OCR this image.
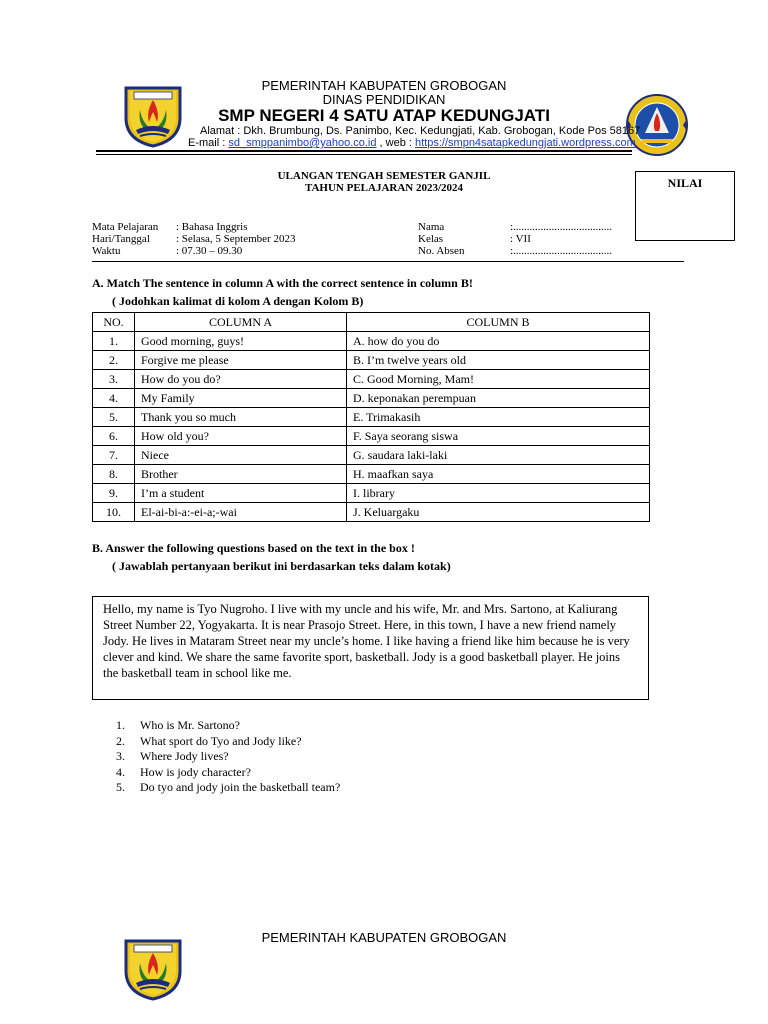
PEMERINTAH KABUPATEN GROBOGAN
DINAS PENDIDIKAN
SMP NEGERI 4 SATU ATAP KEDUNGJATI
Alamat : Dkh. Brumbung, Ds. Panimbo, Kec. Kedungjati, Kab. Grobogan, Kode Pos 58167
E-mail : sd_smppanimbo@yahoo.co.id , web : https://smpn4satapkedungjati.wordpress.com
ULANGAN TENGAH SEMESTER GANJIL
TAHUN PELAJARAN 2023/2024	NILAI
Mata Pelajaran : Bahasa Inggris
Hari/Tanggal : Selasa, 5 September 2023
Waktu	: 07.30 – 09.30
Nama	:....................................
Kelas	: VII
No. Absen	:....................................
A. Match The sentence in column A with the correct sentence in column B!
( Jodohkan kalimat di kolom A dengan Kolom B)
NO.	COLUMN A	COLUMN B
1.	Good morning, guys!	A. how do you do
2.	Forgive me please	B. I’m twelve years old
3.	How do you do?	C. Good Morning, Mam!
4.	My Family	D. keponakan perempuan
5.	Thank you so much	E. Trimakasih
6.	How old you?	F. Saya seorang siswa
7.	Niece	G. saudara laki-laki
8.	Brother	H. maafkan saya
9.	I’m a student	I. library
10.	El-ai-bi-a:-ei-a;-wai	J. Keluargaku
B. Answer the following questions based on the text in the box !
( Jawablah pertanyaan berikut ini berdasarkan teks dalam kotak)
Hello, my name is Tyo Nugroho. I live with my uncle and his wife, Mr. and Mrs. Sartono, at Kaliurang Street Number 22, Yogyakarta. It is near Prasojo Street. Here, in this town, I have a new friend namely Jody. He lives in Mataram Street near my uncle’s home. I like having a friend like him because he is very clever and kind. We share the same favorite sport, basketball. Jody is a good basketball player. He joins the basketball team in school like me.
1. Who is Mr. Sartono?
2. What sport do Tyo and Jody like?
3. Where Jody lives?
4. How is jody character?
5. Do tyo and jody join the basketball team?
PEMERINTAH KABUPATEN GROBOGAN
